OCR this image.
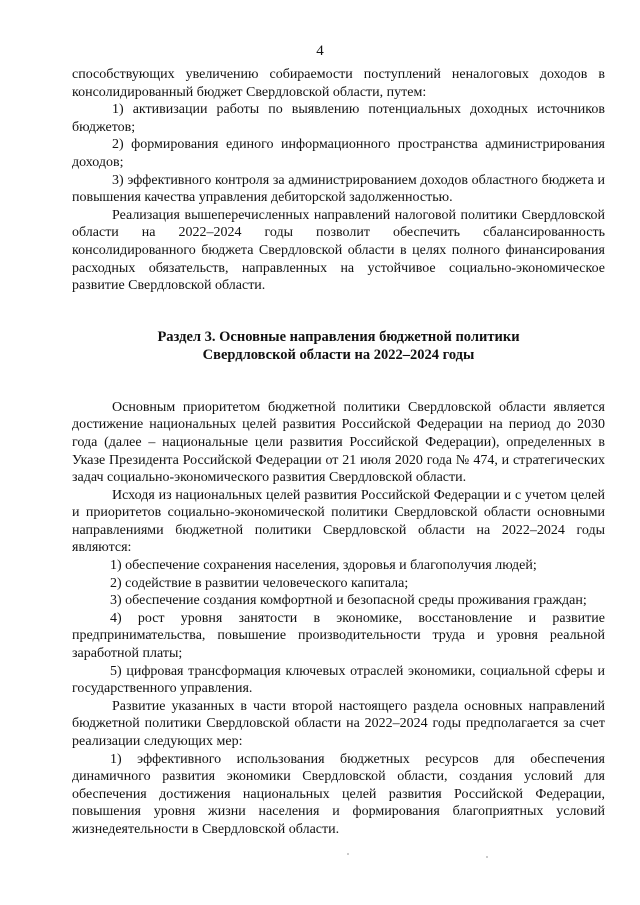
4

способствующих увеличению собираемости поступлений неналоговых доходов в консолидированный бюджет Свердловской области, путем:

1) активизации работы по выявлению потенциальных доходных источников бюджетов;

2) формирования единого информационного пространства администрирования доходов;

3) эффективного контроля за администрированием доходов областного бюджета и повышения качества управления дебиторской задолженностью.

Реализация вышеперечисленных направлений налоговой политики Свердловской области на 2022–2024 годы позволит обеспечить сбалансированность консолидированного бюджета Свердловской области в целях полного финансирования расходных обязательств, направленных на устойчивое социально-экономическое развитие Свердловской области.

Раздел 3. Основные направления бюджетной политики
Свердловской области на 2022–2024 годы

Основным приоритетом бюджетной политики Свердловской области является достижение национальных целей развития Российской Федерации на период до 2030 года (далее – национальные цели развития Российской Федерации), определенных в Указе Президента Российской Федерации от 21 июля 2020 года № 474, и стратегических задач социально-экономического развития Свердловской области.

Исходя из национальных целей развития Российской Федерации и с учетом целей и приоритетов социально-экономической политики Свердловской области основными направлениями бюджетной политики Свердловской области на 2022–2024 годы являются:

1) обеспечение сохранения населения, здоровья и благополучия людей;

2) содействие в развитии человеческого капитала;

3) обеспечение создания комфортной и безопасной среды проживания граждан;

4) рост уровня занятости в экономике, восстановление и развитие предпринимательства, повышение производительности труда и уровня реальной заработной платы;

5) цифровая трансформация ключевых отраслей экономики, социальной сферы и государственного управления.

Развитие указанных в части второй настоящего раздела основных направлений бюджетной политики Свердловской области на 2022–2024 годы предполагается за счет реализации следующих мер:

1) эффективного использования бюджетных ресурсов для обеспечения динамичного развития экономики Свердловской области, создания условий для обеспечения достижения национальных целей развития Российской Федерации, повышения уровня жизни населения и формирования благоприятных условий жизнедеятельности в Свердловской области.
